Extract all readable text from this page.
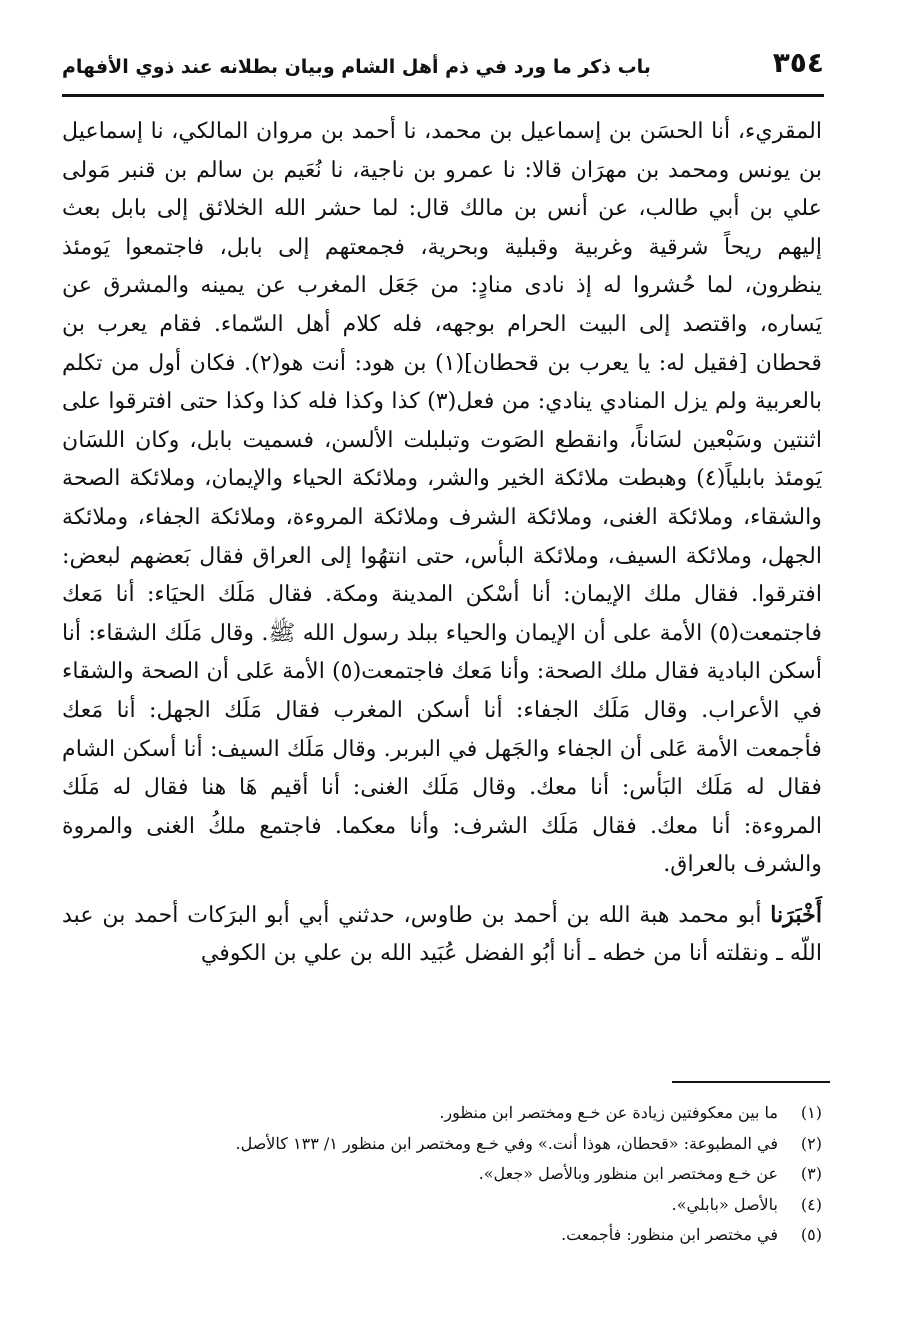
٣٥٤
باب ذكر ما ورد في ذم أهل الشام وبيان بطلانه عند ذوي الأفهام

المقريء، أنا الحسَن بن إسماعيل بن محمد، نا أحمد بن مروان المالكي، نا إسماعيل بن يونس ومحمد بن مهرَان قالا: نا عمرو بن ناجية، نا نُعَيم بن سالم بن قنبر مَولى علي بن أبي طالب، عن أنس بن مالك قال: لما حشر الله الخلائق إلى بابل بعث إليهم ريحاً شرقية وغربية وقبلية وبحرية، فجمعتهم إلى بابل، فاجتمعوا يَومئذ ينظرون، لما حُشروا له إذ نادى منادٍ: من جَعَل المغرب عن يمينه والمشرق عن يَساره، واقتصد إلى البيت الحرام بوجهه، فله كلام أهل السّماء. فقام يعرب بن قحطان [فقيل له: يا يعرب بن قحطان](١) بن هود: أنت هو(٢). فكان أول من تكلم بالعربية ولم يزل المنادي ينادي: من فعل(٣) كذا وكذا فله كذا وكذا حتى افترقوا على اثنتين وسَبْعين لسَاناً، وانقطع الصَوت وتبلبلت الألسن، فسميت بابل، وكان اللسَان يَومئذ بابلياً(٤) وهبطت ملائكة الخير والشر، وملائكة الحياء والإيمان، وملائكة الصحة والشقاء، وملائكة الغنى، وملائكة الشرف وملائكة المروءة، وملائكة الجفاء، وملائكة الجهل، وملائكة السيف، وملائكة البأس، حتى انتهُوا إلى العراق فقال بَعضهم لبعض: افترقوا. فقال ملك الإيمان: أنا أسْكن المدينة ومكة. فقال مَلَك الحيَاء: أنا مَعك فاجتمعت(٥) الأمة على أن الإيمان والحياء ببلد رسول الله ﷺ. وقال مَلَك الشقاء: أنا أسكن البادية فقال ملك الصحة: وأنا مَعك فاجتمعت(٥) الأمة عَلى أن الصحة والشقاء في الأعراب. وقال مَلَك الجفاء: أنا أسكن المغرب فقال مَلَك الجهل: أنا مَعك فأجمعت الأمة عَلى أن الجفاء والجَهل في البربر. وقال مَلَك السيف: أنا أسكن الشام فقال له مَلَك البَأس: أنا معك. وقال مَلَك الغنى: أنا أقيم هَا هنا فقال له مَلَك المروءة: أنا معك. فقال مَلَك الشرف: وأنا معكما. فاجتمع ملكُ الغنى والمروة والشرف بالعراق.

أَخْبَرَنا أبو محمد هبة الله بن أحمد بن طاوس، حدثني أبي أبو البرَكات أحمد بن عبد اللّه ـ ونقلته أنا من خطه ـ أنا أبُو الفضل عُبَيد الله بن علي بن الكوفي

(١)
ما بين معكوفتين زيادة عن خـع ومختصر ابن منظور.
(٢)
في المطبوعة: «قحطان، هوذا أنت.» وفي خـع ومختصر ابن منظور ١/ ١٣٣ كالأصل.
(٣)
عن خـع ومختصر ابن منظور وبالأصل «جعل».
(٤)
بالأصل «بابلي».
(٥)
في مختصر ابن منظور: فأجمعت.
